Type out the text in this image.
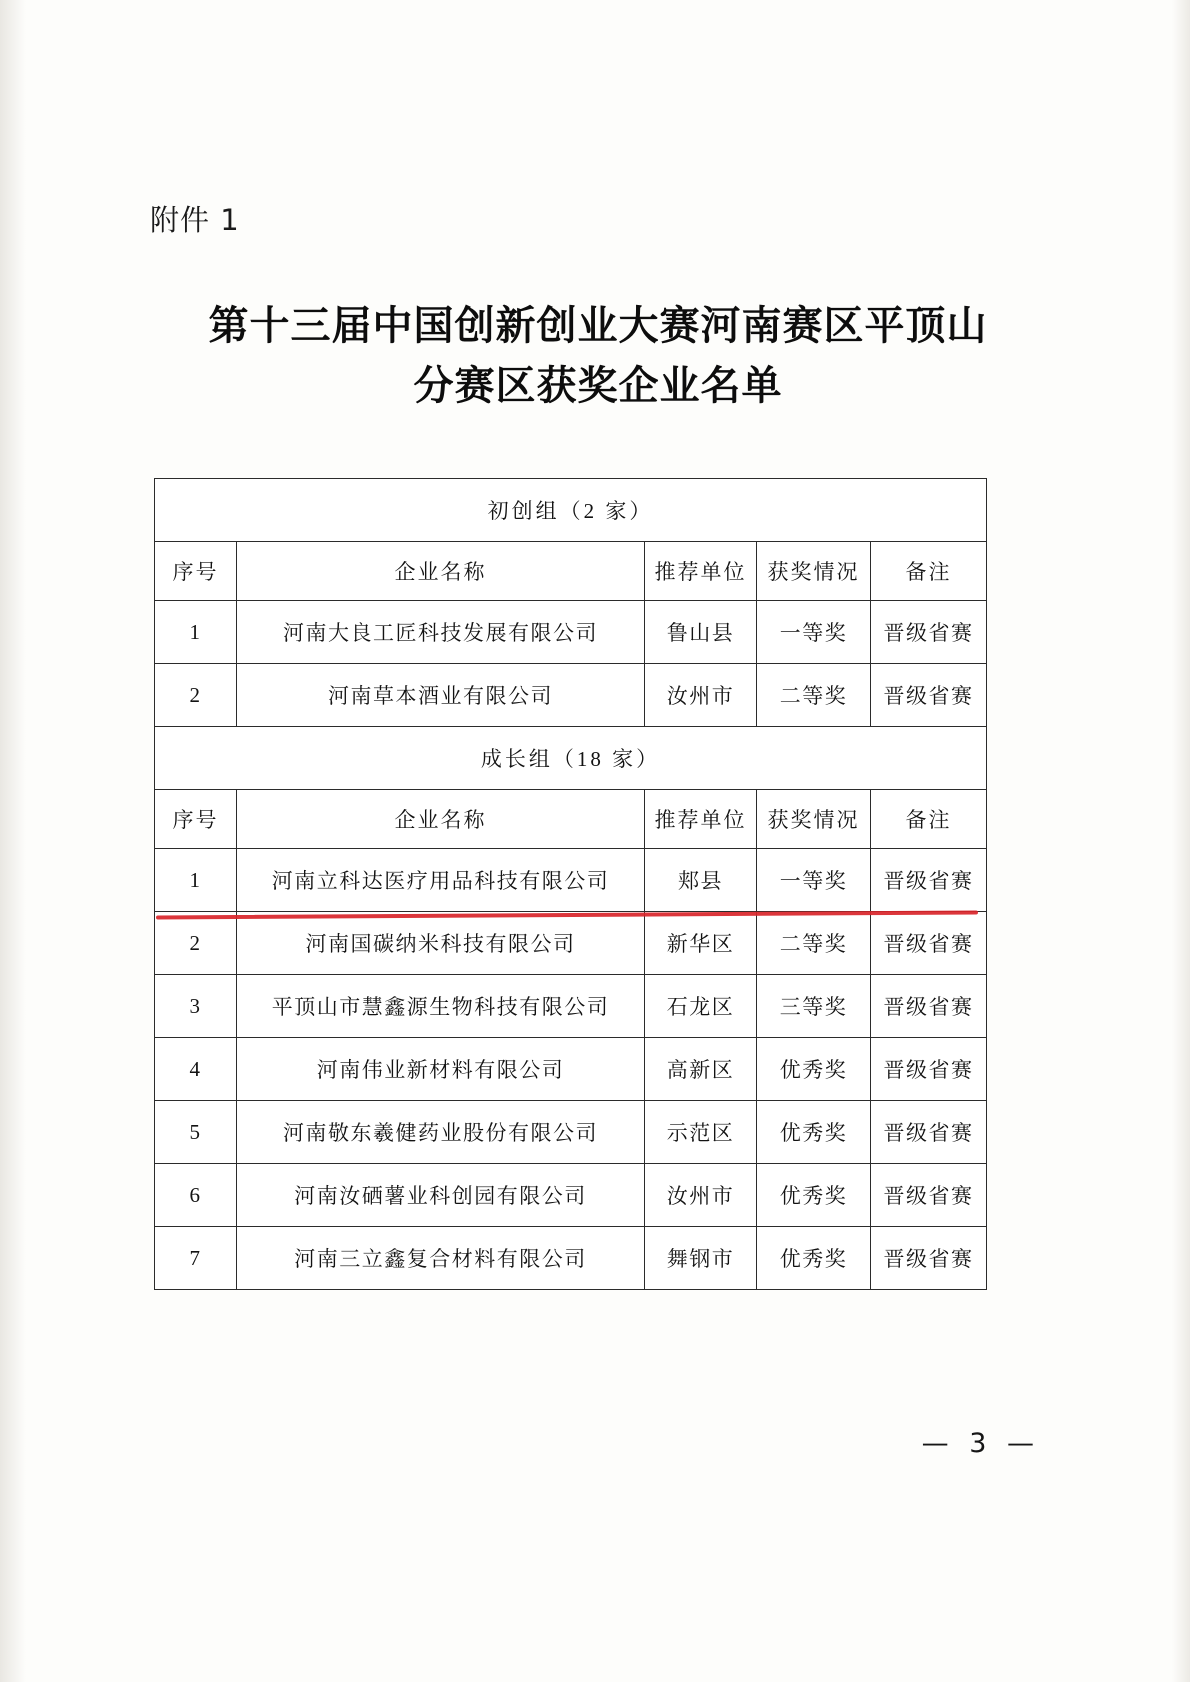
附件 1
第十三届中国创新创业大赛河南赛区平顶山
分赛区获奖企业名单
初创组（2 家）				
序号	企业名称	推荐单位	获奖情况	备注
1	河南大良工匠科技发展有限公司	鲁山县	一等奖	晋级省赛
2	河南草本酒业有限公司	汝州市	二等奖	晋级省赛
成长组（18 家）				
序号	企业名称	推荐单位	获奖情况	备注
1	河南立科达医疗用品科技有限公司	郏县	一等奖	晋级省赛
2	河南国碳纳米科技有限公司	新华区	二等奖	晋级省赛
3	平顶山市慧鑫源生物科技有限公司	石龙区	三等奖	晋级省赛
4	河南伟业新材料有限公司	高新区	优秀奖	晋级省赛
5	河南敬东羲健药业股份有限公司	示范区	优秀奖	晋级省赛
6	河南汝硒薯业科创园有限公司	汝州市	优秀奖	晋级省赛
7	河南三立鑫复合材料有限公司	舞钢市	优秀奖	晋级省赛
— 3 —
